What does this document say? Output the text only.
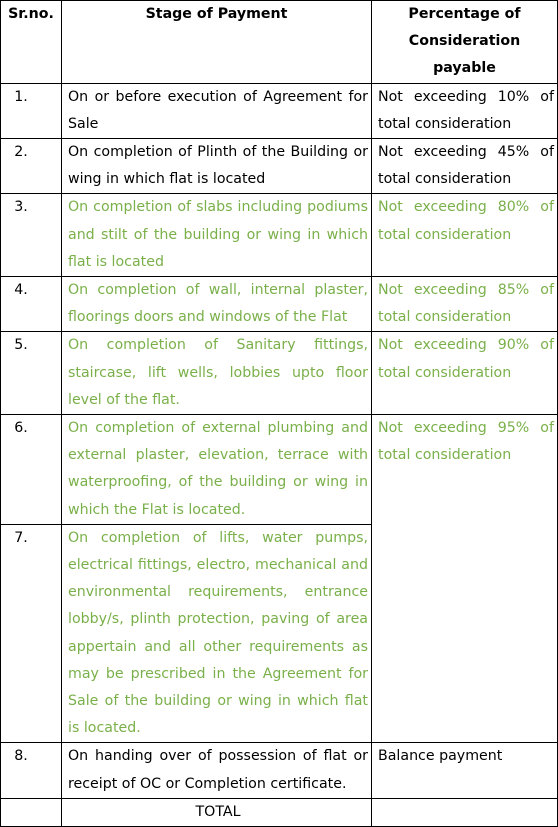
Sr.no.	Stage of Payment	Percentage of Consideration payable
1.	On or before execution of Agreement for Sale	Not exceeding 10% of total consideration
2.	On completion of Plinth of the Building or wing in which flat is located	Not exceeding 45% of total consideration
3.	On completion of slabs including podiums and stilt of the building or wing in which flat is located	Not exceeding 80% of total consideration
4.	On completion of wall, internal plaster, floorings doors and windows of the Flat	Not exceeding 85% of total consideration
5.	On completion of Sanitary fittings, staircase, lift wells, lobbies upto floor level of the flat.	Not exceeding 90% of total consideration
6.	On completion of external plumbing and external plaster, elevation, terrace with waterproofing, of the building or wing in which the Flat is located.	Not exceeding 95% of total consideration
7.	On completion of lifts, water pumps, electrical fittings, electro, mechanical and environmental requirements, entrance lobby/s, plinth protection, paving of area appertain and all other requirements as may be prescribed in the Agreement for Sale of the building or wing in which flat is located.	
8.	On handing over of possession of flat or receipt of OC or Completion certificate.	Balance payment
	TOTAL	
